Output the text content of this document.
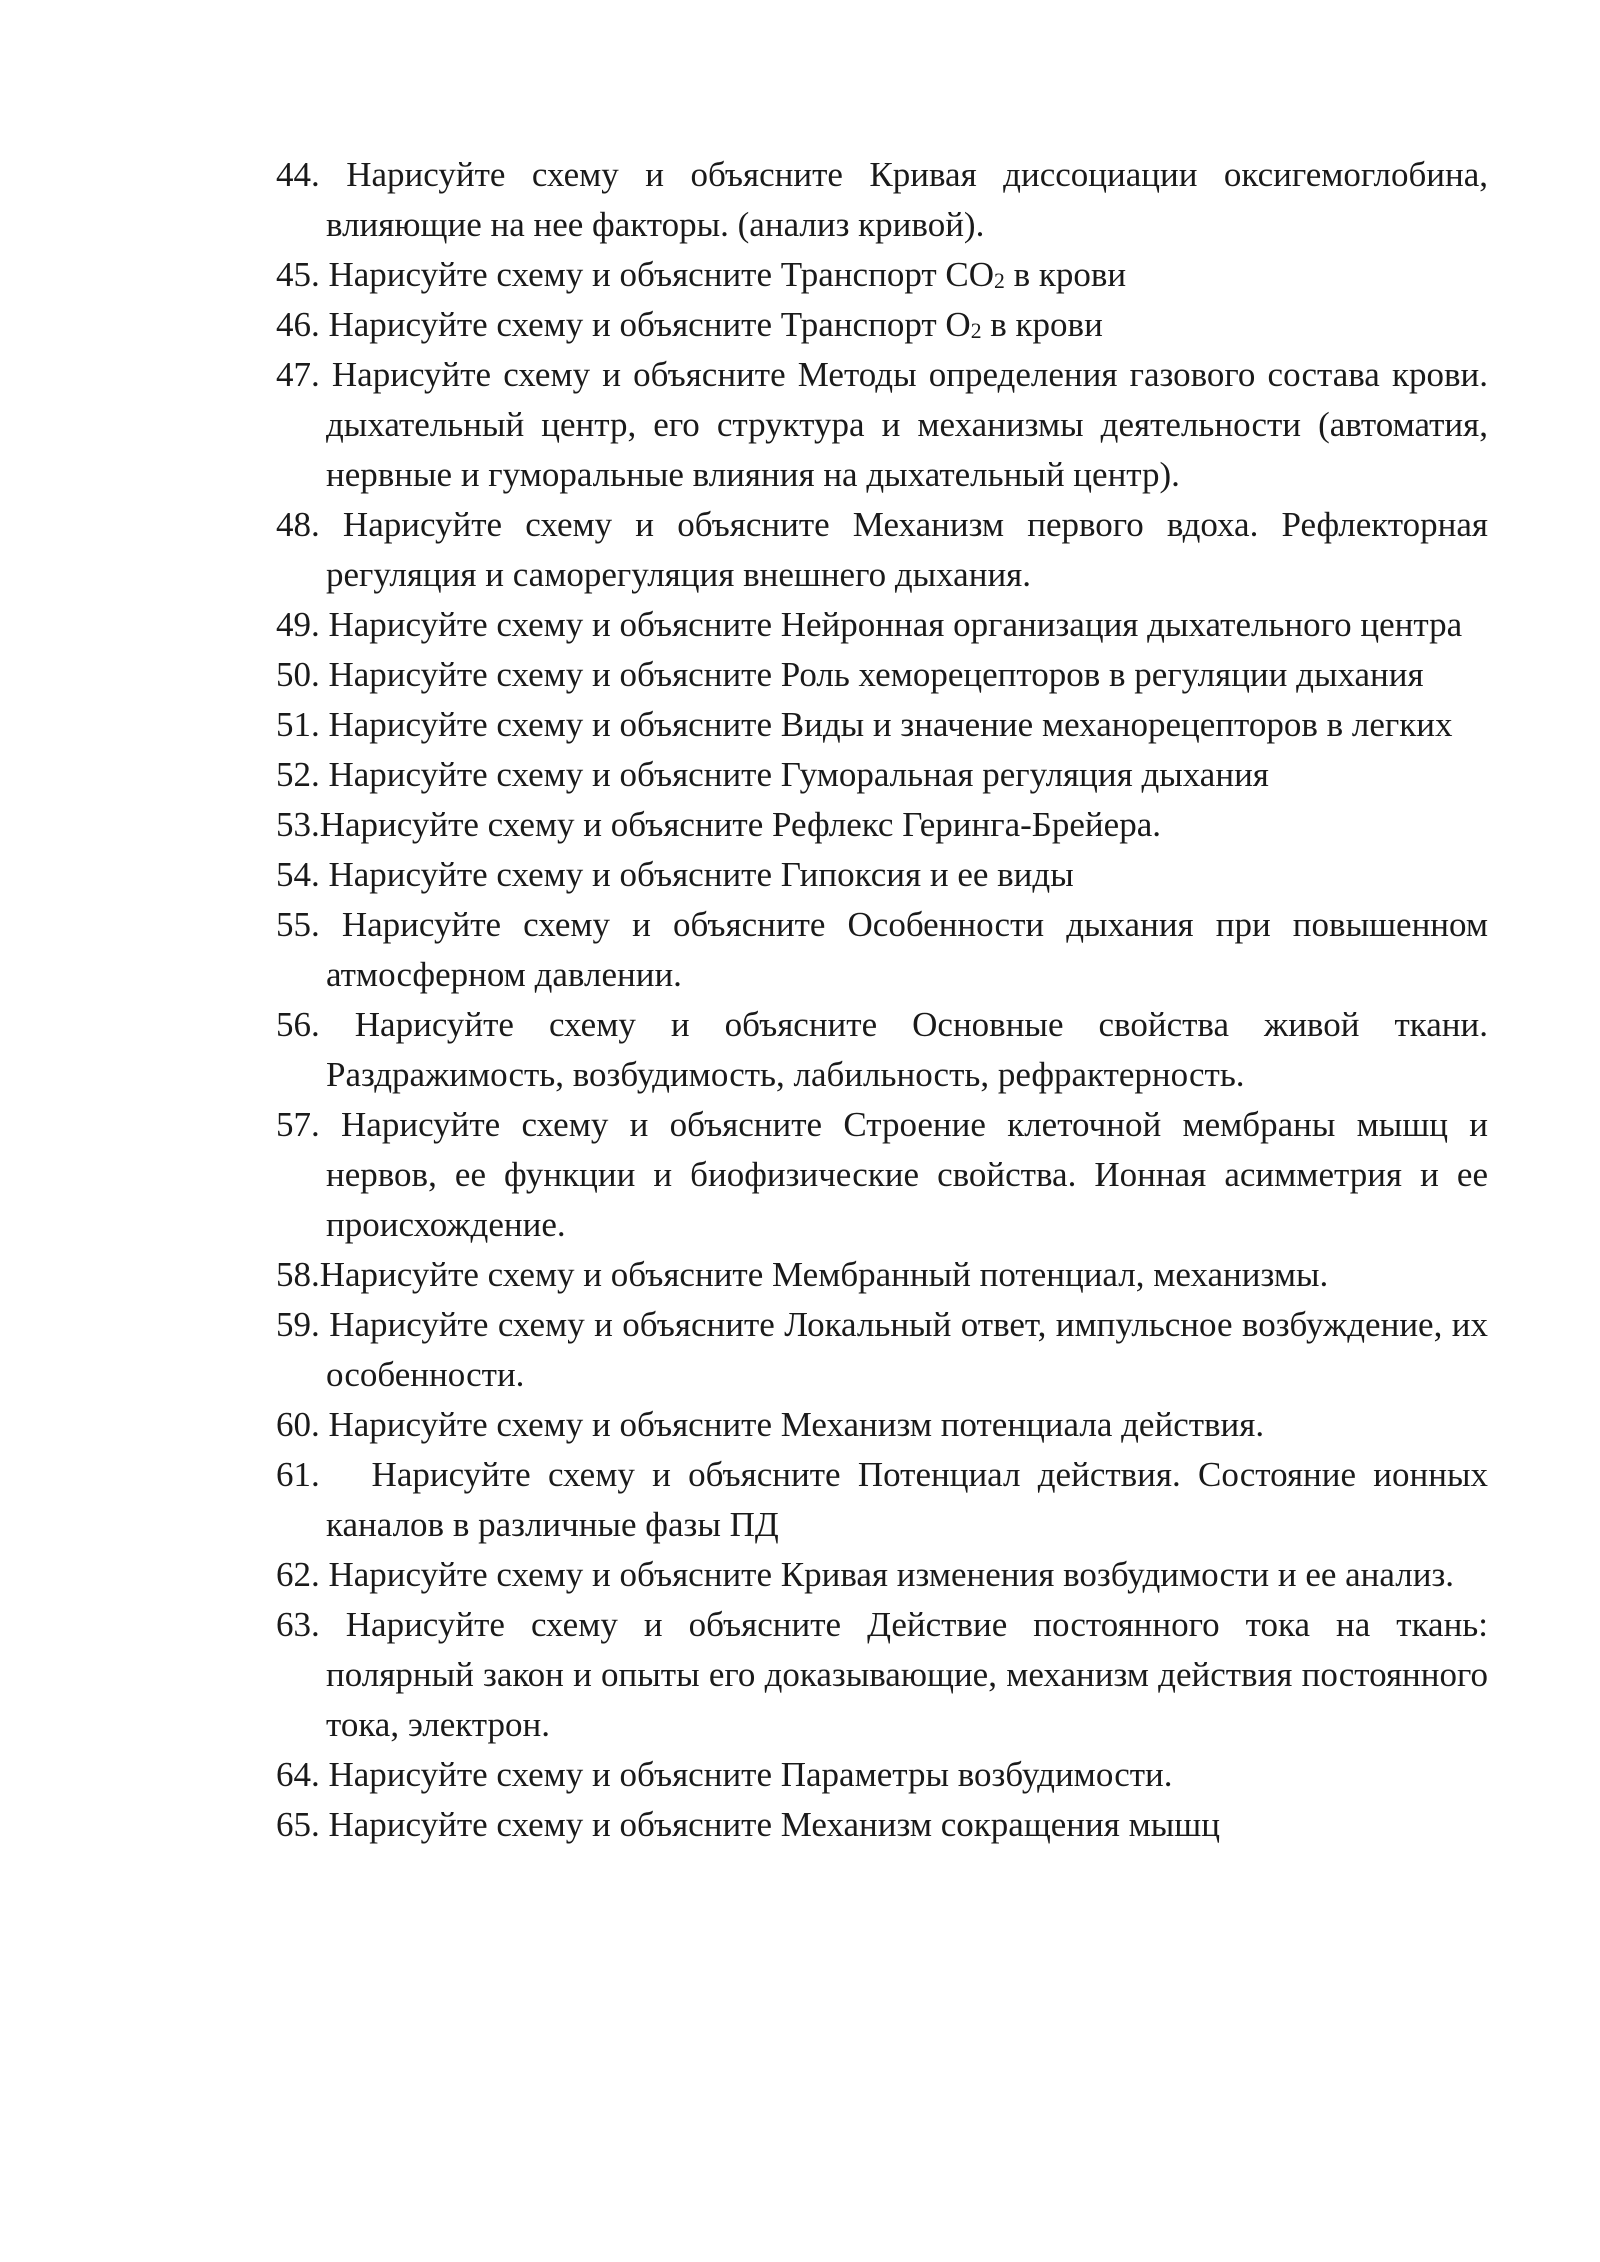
44. Нарисуйте схему и объясните Кривая диссоциации оксигемоглобина, влияющие на нее факторы. (анализ кривой).
45. Нарисуйте схему и объясните Транспорт $СО_2$ в крови
46. Нарисуйте схему и объясните Транспорт $О_2$ в крови
47. Нарисуйте схему и объясните Методы определения газового состава крови. дыхательный центр, его структура и механизмы деятельности (автоматия, нервные и гуморальные влияния на дыхательный центр).
48. Нарисуйте схему и объясните Механизм первого вдоха. Рефлекторная регуляция и саморегуляция внешнего дыхания.
49. Нарисуйте схему и объясните Нейронная организация дыхательного центра
50. Нарисуйте схему и объясните Роль хеморецепторов в регуляции дыхания
51. Нарисуйте схему и объясните Виды и значение механорецепторов в легких
52. Нарисуйте схему и объясните Гуморальная регуляция дыхания
53.Нарисуйте схему и объясните Рефлекс Геринга-Брейера.
54. Нарисуйте схему и объясните Гипоксия и ее виды
55. Нарисуйте схему и объясните Особенности дыхания при повышенном атмосферном давлении.
56. Нарисуйте схему и объясните Основные свойства живой ткани. Раздражимость, возбудимость, лабильность, рефрактерность.
57. Нарисуйте схему и объясните Строение клеточной мембраны мышц и нервов, ее функции и биофизические свойства. Ионная асимметрия и ее происхождение.
58.Нарисуйте схему и объясните Мембранный потенциал, механизмы.
59. Нарисуйте схему и объясните Локальный ответ, импульсное возбуждение, их особенности.
60. Нарисуйте схему и объясните Механизм потенциала действия.
61. Нарисуйте схему и объясните Потенциал действия. Состояние ионных каналов в различные фазы ПД
62. Нарисуйте схему и объясните Кривая изменения возбудимости и ее анализ.
63. Нарисуйте схему и объясните Действие постоянного тока на ткань: полярный закон и опыты его доказывающие, механизм действия постоянного тока, электрон.
64. Нарисуйте схему и объясните Параметры возбудимости.
65. Нарисуйте схему и объясните Механизм сокращения мышц
